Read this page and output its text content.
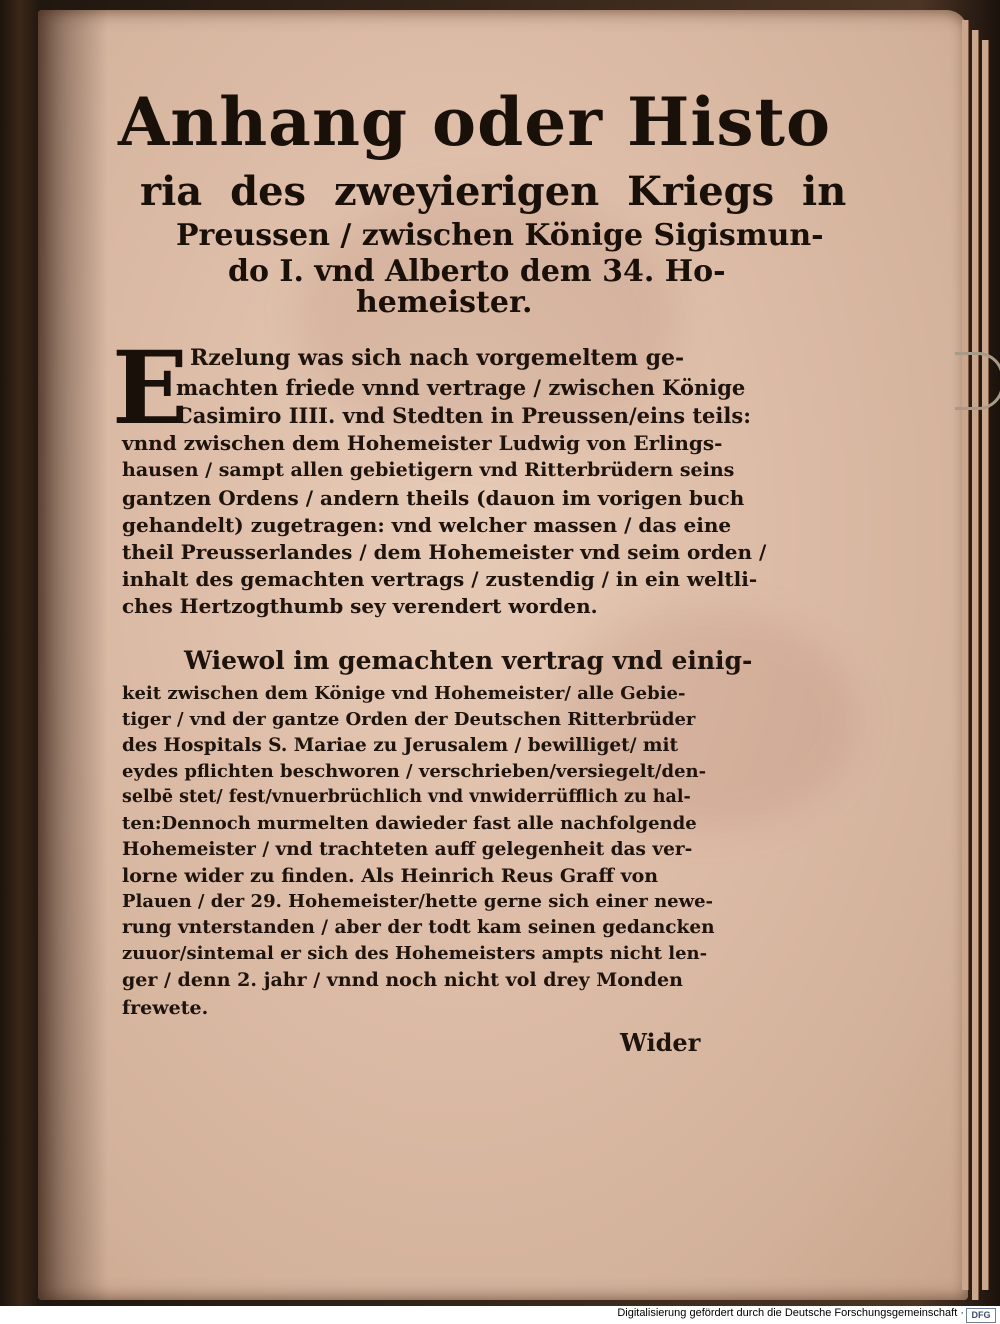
Anhang oder Histo
ria des zweyierigen Kriegs in
Preussen / zwischen Könige Sigismun-
do I. vnd Alberto dem 34. Ho-
hemeister.
E Rzelung was sich nach vorgemeltem ge-
machten friede vnnd vertrage / zwischen Könige
Casimiro IIII. vnd Stedten in Preussen/eins teils:
vnnd zwischen dem Hohemeister Ludwig von Erlings-
hausen / sampt allen gebietigern vnd Ritterbrüdern seins
gantzen Ordens / andern theils (dauon im vorigen buch
gehandelt) zugetragen: vnd welcher massen / das eine
theil Preusserlandes / dem Hohemeister vnd seim orden /
inhalt des gemachten vertrags / zustendig / in ein weltli-
ches Hertzogthumb sey verendert worden.
Wiewol im gemachten vertrag vnd einig-
keit zwischen dem Könige vnd Hohemeister/ alle Gebie-
tiger / vnd der gantze Orden der Deutschen Ritterbrüder
des Hospitals S. Mariae zu Jerusalem / bewilliget/ mit
eydes pflichten beschworen / verschrieben/versiegelt/den-
selbē stet/ fest/vnuerbrüchlich vnd vnwiderrüfflich zu hal-
ten:Dennoch murmelten dawieder fast alle nachfolgende
Hohemeister / vnd trachteten auff gelegenheit das ver-
lorne wider zu finden. Als Heinrich Reus Graff von
Plauen / der 29. Hohemeister/hette gerne sich einer newe-
rung vnterstanden / aber der todt kam seinen gedancken
zuuor/sintemal er sich des Hohemeisters ampts nicht len-
ger / denn 2. jahr / vnnd noch nicht vol drey Monden
frewete.
Wider
Digitalisierung gefördert durch die Deutsche Forschungsgemeinschaft · DFG
